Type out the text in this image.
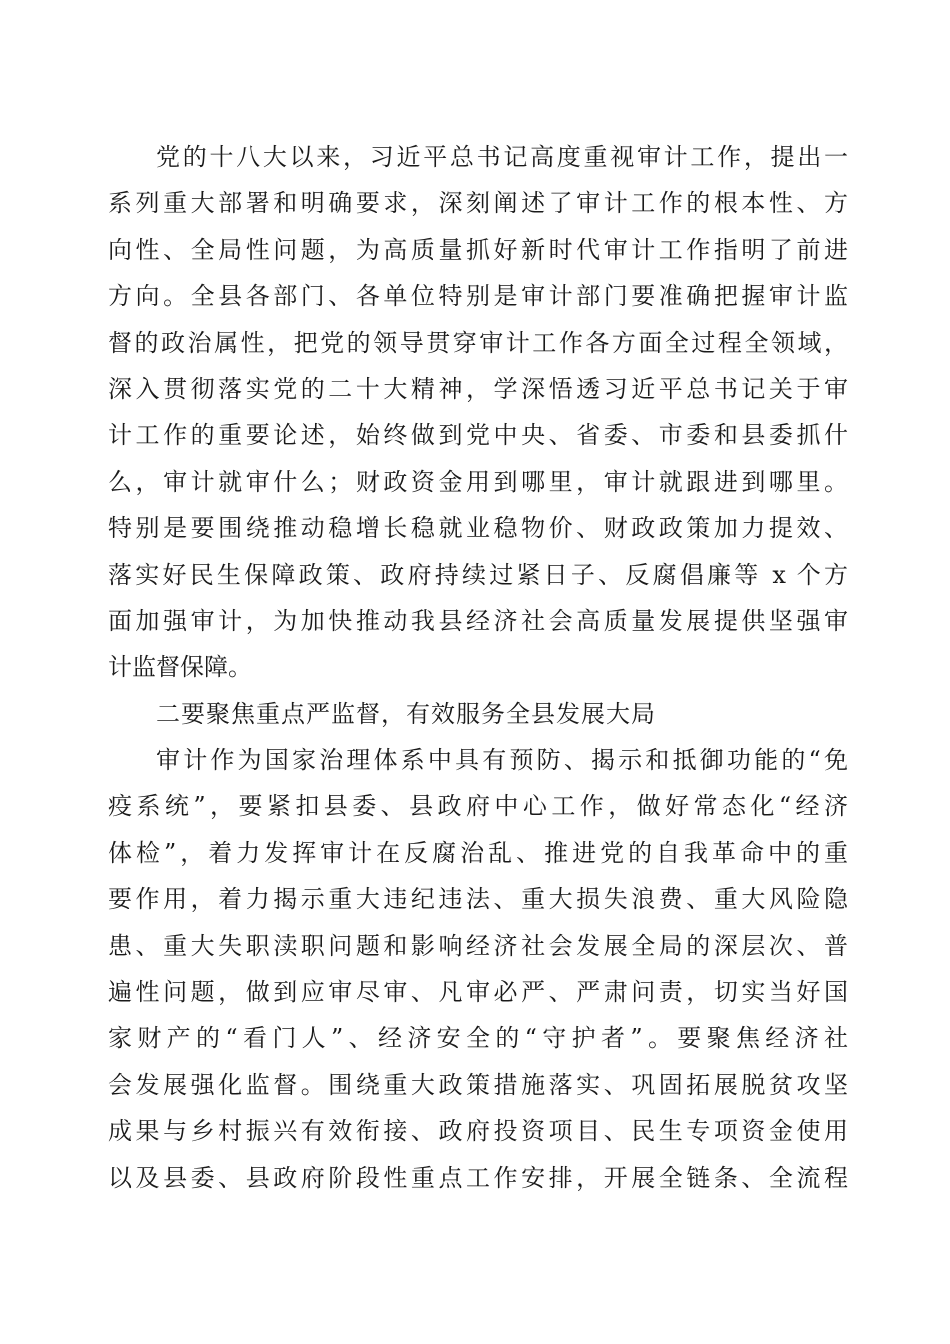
党的十八大以来，习近平总书记高度重视审计工作，提出一
系列重大部署和明确要求，深刻阐述了审计工作的根本性、方
向性、全局性问题，为高质量抓好新时代审计工作指明了前进
方向。全县各部门、各单位特别是审计部门要准确把握审计监
督的政治属性，把党的领导贯穿审计工作各方面全过程全领域，
深入贯彻落实党的二十大精神，学深悟透习近平总书记关于审
计工作的重要论述，始终做到党中央、省委、市委和县委抓什
么，审计就审什么；财政资金用到哪里，审计就跟进到哪里。
特别是要围绕推动稳增长稳就业稳物价、财政政策加力提效、
落实好民生保障政策、政府持续过紧日子、反腐倡廉等 x 个方
面加强审计，为加快推动我县经济社会高质量发展提供坚强审
计监督保障。
二要聚焦重点严监督，有效服务全县发展大局
审计作为国家治理体系中具有预防、揭示和抵御功能的“免
疫系统”，要紧扣县委、县政府中心工作，做好常态化“经济
体检”，着力发挥审计在反腐治乱、推进党的自我革命中的重
要作用，着力揭示重大违纪违法、重大损失浪费、重大风险隐
患、重大失职渎职问题和影响经济社会发展全局的深层次、普
遍性问题，做到应审尽审、凡审必严、严肃问责，切实当好国
家财产的“看门人”、经济安全的“守护者”。要聚焦经济社
会发展强化监督。围绕重大政策措施落实、巩固拓展脱贫攻坚
成果与乡村振兴有效衔接、政府投资项目、民生专项资金使用
以及县委、县政府阶段性重点工作安排，开展全链条、全流程
